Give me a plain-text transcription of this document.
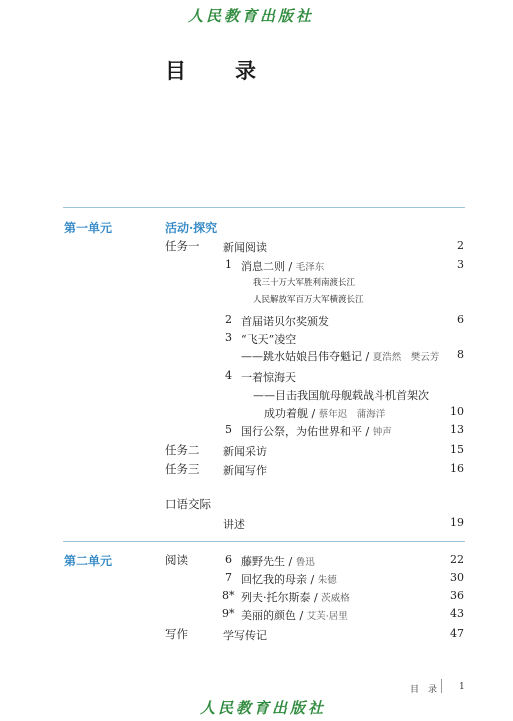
人民教育出版社
目　录
第一单元	活动·探究
任务一 新闻阅读	2
1 消息二则 / 毛泽东	3
我三十万大军胜利南渡长江
人民解放军百万大军横渡长江
2 首届诺贝尔奖颁发	6
3 “飞天”凌空
——跳水姑娘吕伟夺魁记 / 夏浩然　樊云芳	8
4 一着惊海天
——目击我国航母舰载战斗机首架次
成功着舰 / 蔡年迟　蒲海洋	10
5 国行公祭，为佑世界和平 / 钟声	13
任务二 新闻采访	15
任务三 新闻写作	16
口语交际
讲述	19
第二单元	阅读	6 藤野先生 / 鲁迅	22
7 回忆我的母亲 / 朱德	30
8* 列夫·托尔斯泰 / 茨威格	36
9* 美丽的颜色 / 艾芙·居里	43
写作	学写传记	47
目　录 1
人民教育出版社
